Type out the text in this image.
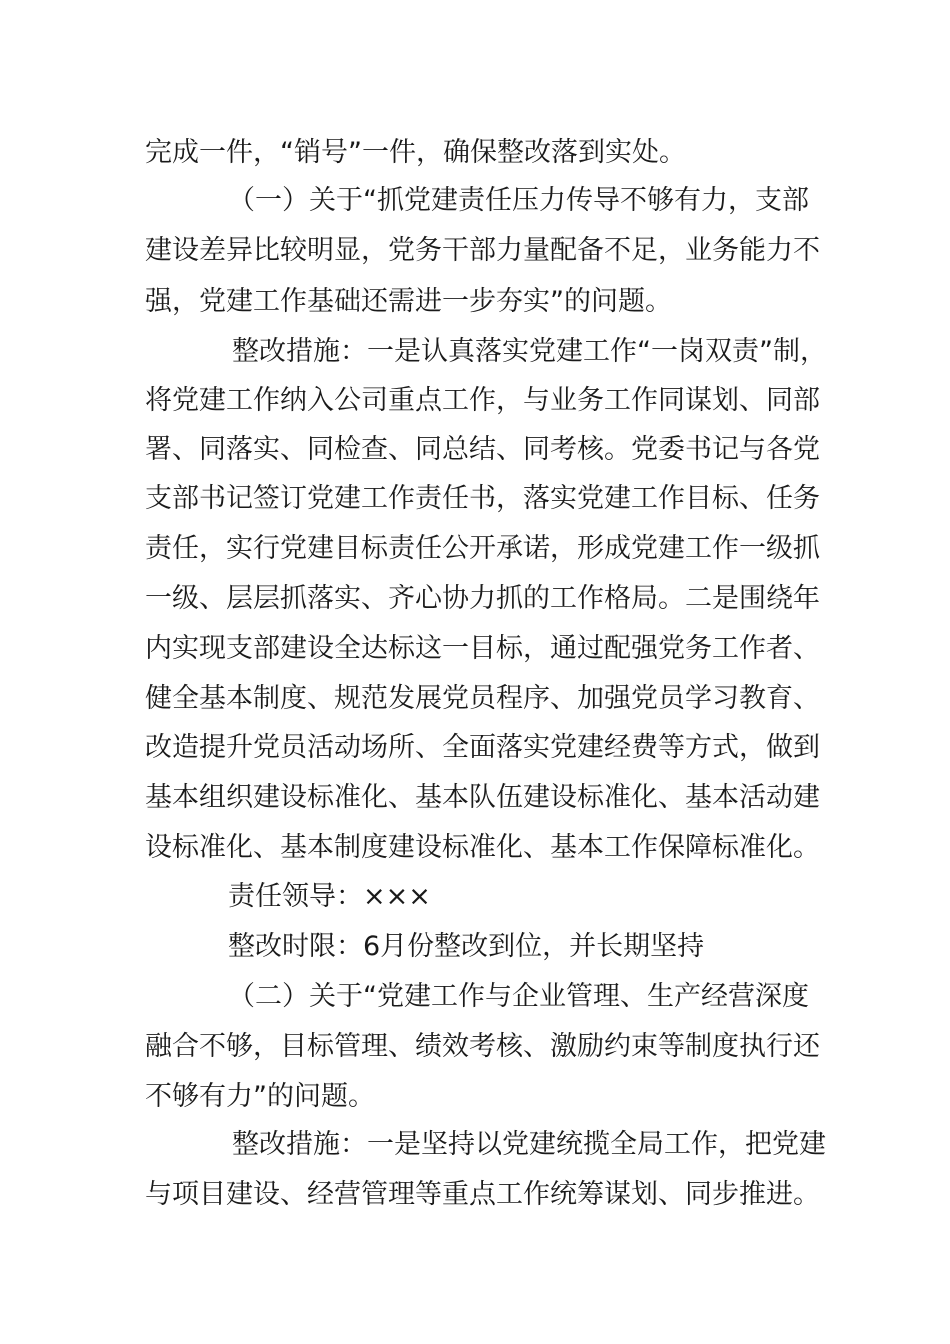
完成一件，“销号”一件，确保整改落到实处。
（一）关于“抓党建责任压力传导不够有力，支部
建设差异比较明显，党务干部力量配备不足，业务能力不
强，党建工作基础还需进一步夯实”的问题。
整改措施：一是认真落实党建工作“一岗双责”制，
将党建工作纳入公司重点工作，与业务工作同谋划、同部
署、同落实、同检查、同总结、同考核。党委书记与各党
支部书记签订党建工作责任书，落实党建工作目标、任务
责任，实行党建目标责任公开承诺，形成党建工作一级抓
一级、层层抓落实、齐心协力抓的工作格局。二是围绕年
内实现支部建设全达标这一目标，通过配强党务工作者、
健全基本制度、规范发展党员程序、加强党员学习教育、
改造提升党员活动场所、全面落实党建经费等方式，做到
基本组织建设标准化、基本队伍建设标准化、基本活动建
设标准化、基本制度建设标准化、基本工作保障标准化。
责任领导：×××
整改时限：6月份整改到位，并长期坚持
（二）关于“党建工作与企业管理、生产经营深度
融合不够，目标管理、绩效考核、激励约束等制度执行还
不够有力”的问题。
整改措施：一是坚持以党建统揽全局工作，把党建
与项目建设、经营管理等重点工作统筹谋划、同步推进。
